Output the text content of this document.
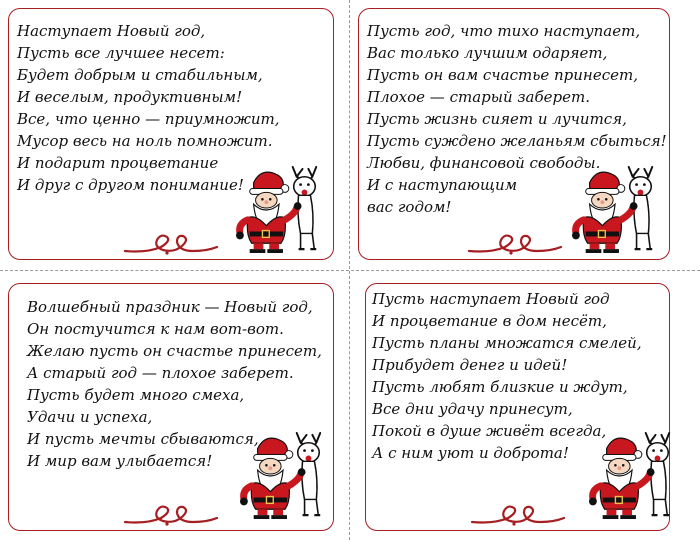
Наступает Новый год,
Пусть все лучшее несет:
Будет добрым и стабильным,
И веселым, продуктивным!
Все, что ценно — приумножит,
Мусор весь на ноль помножит.
И подарит процветание
И друг с другом понимание!
Пусть год, что тихо наступает,
Вас только лучшим одаряет,
Пусть он вам счастье принесет,
Плохое — старый заберет.
Пусть жизнь сияет и лучится,
Пусть суждено желаньям сбыться!
Любви, финансовой свободы.
И с наступающим
вас годом!
Волшебный праздник — Новый год,
Он постучится к нам вот-вот.
Желаю пусть он счастье принесет,
А старый год — плохое заберет.
Пусть будет много смеха,
Удачи и успеха,
И пусть мечты сбываются,
И мир вам улыбается!
Пусть наступает Новый год
И процветание в дом несёт,
Пусть планы множатся смелей,
Прибудет денег и идей!
Пусть любят близкие и ждут,
Все дни удачу принесут,
Покой в душе живёт всегда,
А с ним уют и доброта!
